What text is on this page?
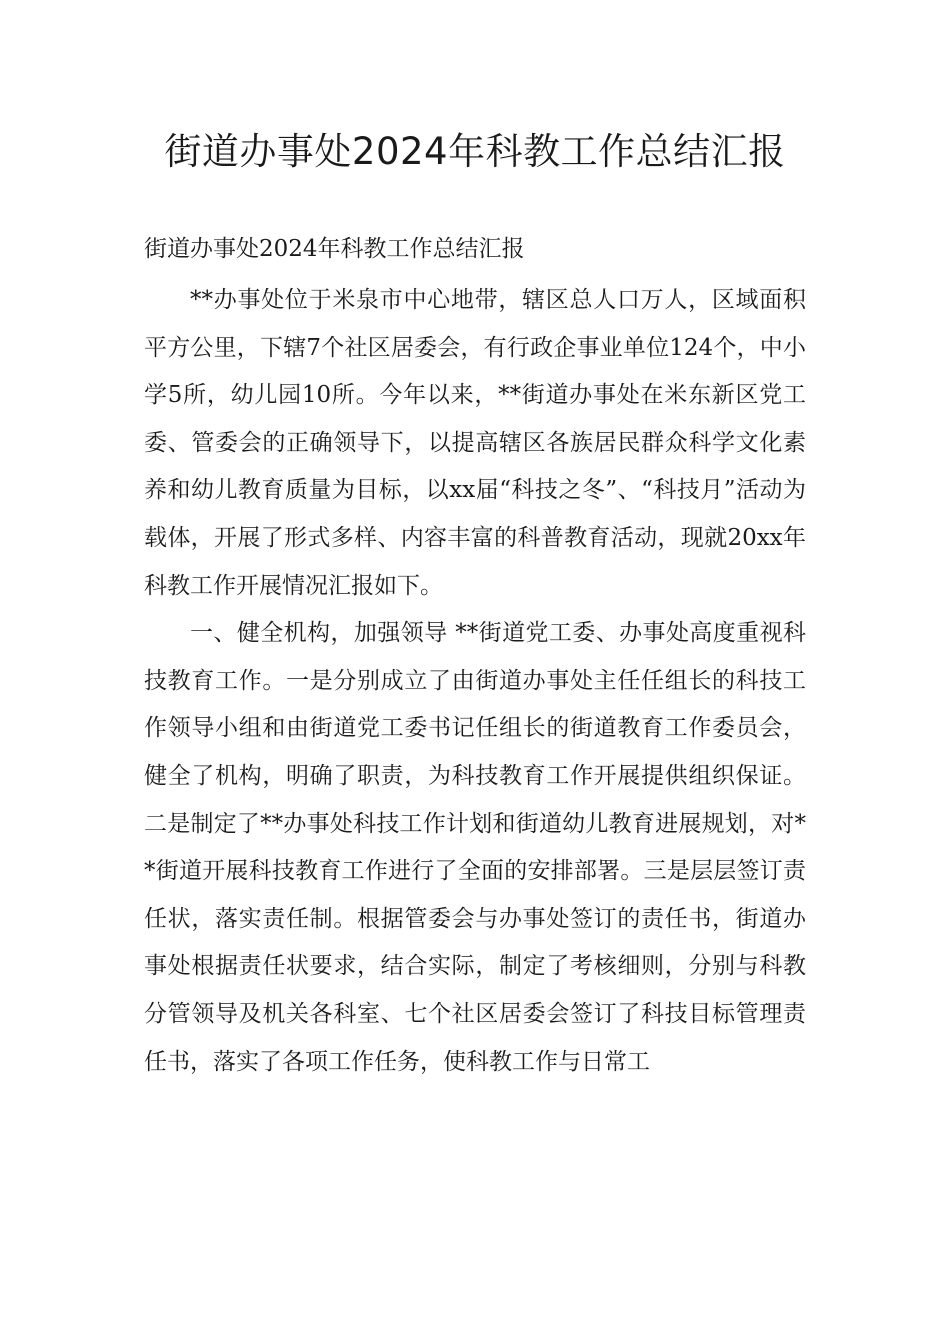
街道办事处2024年科教工作总结汇报

街道办事处2024年科教工作总结汇报

**办事处位于米泉市中心地带，辖区总人口万人，区域面积平方公里，下辖7个社区居委会，有行政企事业单位124个，中小学5所，幼儿园10所。今年以来，**街道办事处在米东新区党工委、管委会的正确领导下，以提高辖区各族居民群众科学文化素养和幼儿教育质量为目标，以xx届“科技之冬”、“科技月”活动为载体，开展了形式多样、内容丰富的科普教育活动，现就20xx年科教工作开展情况汇报如下。

一、健全机构，加强领导 **街道党工委、办事处高度重视科技教育工作。一是分别成立了由街道办事处主任任组长的科技工作领导小组和由街道党工委书记任组长的街道教育工作委员会，健全了机构，明确了职责，为科技教育工作开展提供组织保证。二是制定了**办事处科技工作计划和街道幼儿教育进展规划，对**街道开展科技教育工作进行了全面的安排部署。三是层层签订责任状，落实责任制。根据管委会与办事处签订的责任书，街道办事处根据责任状要求，结合实际，制定了考核细则，分别与科教分管领导及机关各科室、七个社区居委会签订了科技目标管理责任书，落实了各项工作任务，使科教工作与日常工
